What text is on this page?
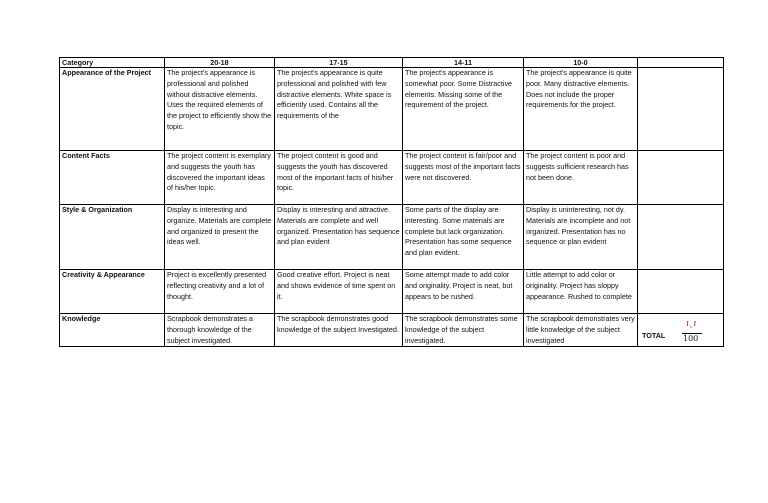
Category	20-18	17-15	14-11	10-0	
Appearance of the Project	The project's appearance is professional and polished without distractive elements. Uses the required elements of the project to efficiently show the topic.	The project's appearance is quite professional and polished with few distractive elements. White space is efficiently used. Contains all the requirements of the	The project's appearance is somewhat poor. Some Distractive elements. Missing some of the requirement of the project.	The project's appearance is quite poor. Many distractive elements. Does not include the proper requirements for the project.	
Content Facts	The project content is exemplary and suggests the youth has discovered the important ideas of his/her topic.	The project content is good and suggests the youth has discovered most of the important facts of his/her topic.	The project content is fair/poor and suggests most of the important facts were not discovered.	The project content is poor and suggests sufficient research has not been done.	
Style & Organization	Display is interesting and organize. Materials are complete and organized to present the ideas well.	Display is interesting and attractive. Materials are complete and well organized. Presentation has sequence and plan evident	Some parts of the display are interesting. Some materials are complete but lack organization. Presentation has some sequence and plan evident.	Display is uninteresting, not dy. Materials are incomplete and not organized. Presentation has no sequence or plan evident	
Creativity & Appearance	Project is excellently presented reflecting creativity and a lot of thought.	Good creative effort. Project is neat and shows evidence of time spent on it.	Some attempt made to add color and originality. Project is neat, but appears to be rushed.	Little attempt to add color or originality. Project has sloppy appearance. Rushed to complete	
Knowledge	Scrapbook demonstrates a thorough knowledge of the subject investigated.	The scrapbook demonstrates good knowledge of the subject Investigated.	The scrapbook demonstrates some knowledge of the subject investigated.	The scrapbook demonstrates very little knowledge of the subject investigated	TOTAL
ı˛ı
100
